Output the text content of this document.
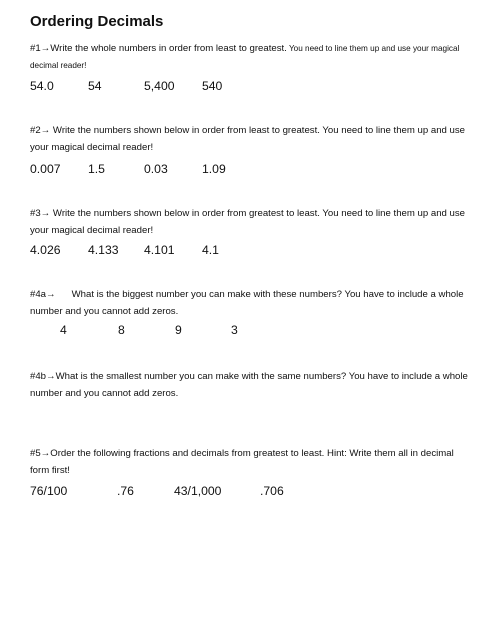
Ordering Decimals
#1→Write the whole numbers in order from least to greatest. You need to line them up and use your magical decimal reader!
54.0	54	5,400 540
#2→ Write the numbers shown below in order from least to greatest. You need to line them up and use your magical decimal reader!
0.007 1.5	0.03	1.09
#3→ Write the numbers shown below in order from greatest to least. You need to line them up and use your magical decimal reader!
4.026 4.133 4.101 4.1
#4a→      What is the biggest number you can make with these numbers? You have to include a whole number and you cannot add zeros.
4	8	9	3
#4b→What is the smallest number you can make with the same numbers? You have to include a whole number and you cannot add zeros.
#5→Order the following fractions and decimals from greatest to least. Hint: Write them all in decimal form first!
76/100	.76	43/1,000	.706
